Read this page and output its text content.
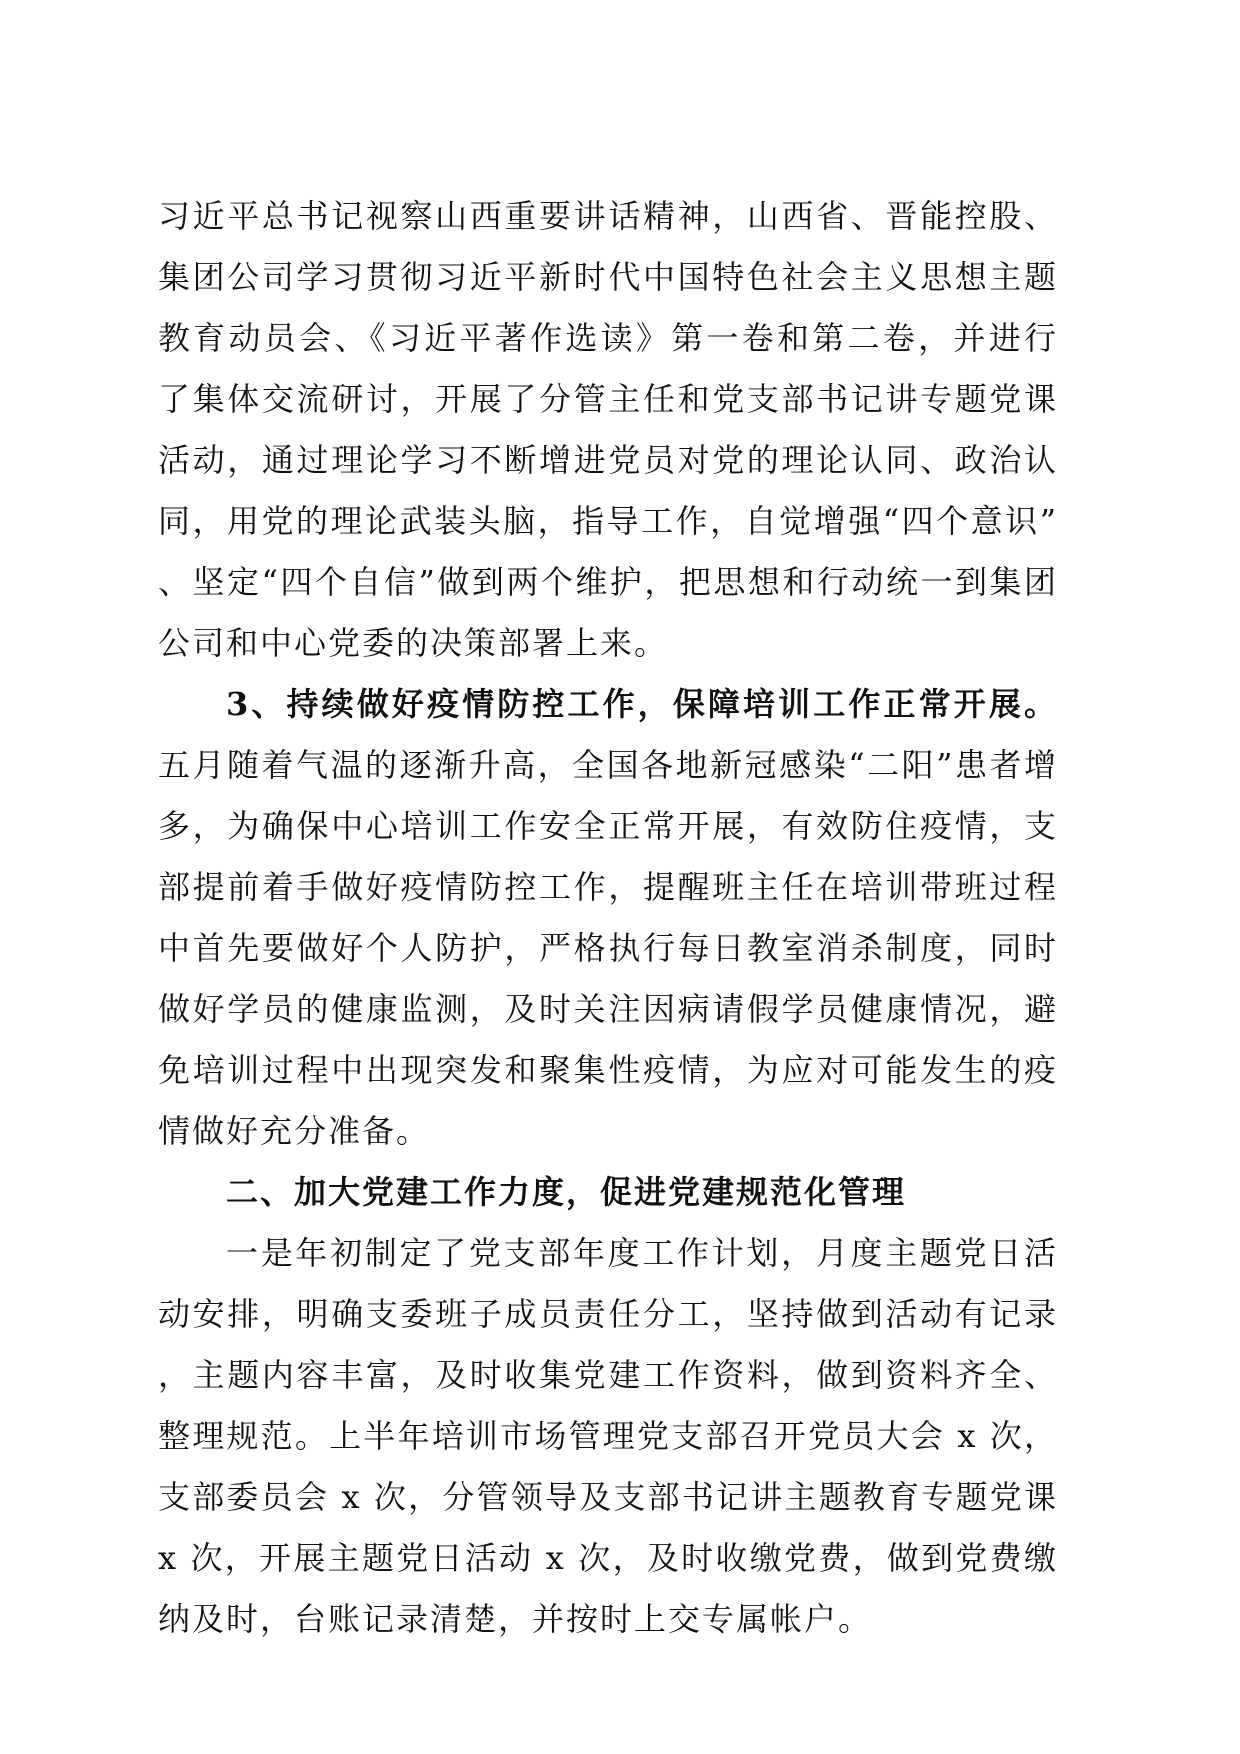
习近平总书记视察山西重要讲话精神，山西省、晋能控股、集团公司学习贯彻习近平新时代中国特色社会主义思想主题教育动员会、《习近平著作选读》第一卷和第二卷，并进行了集体交流研讨，开展了分管主任和党支部书记讲专题党课活动，通过理论学习不断增进党员对党的理论认同、政治认同，用党的理论武装头脑，指导工作，自觉增强“四个意识”、坚定“四个自信”做到两个维护，把思想和行动统一到集团公司和中心党委的决策部署上来。

3、持续做好疫情防控工作，保障培训工作正常开展。五月随着气温的逐渐升高，全国各地新冠感染“二阳”患者增多，为确保中心培训工作安全正常开展，有效防住疫情，支部提前着手做好疫情防控工作，提醒班主任在培训带班过程中首先要做好个人防护，严格执行每日教室消杀制度，同时做好学员的健康监测，及时关注因病请假学员健康情况，避免培训过程中出现突发和聚集性疫情，为应对可能发生的疫情做好充分准备。

二、加大党建工作力度，促进党建规范化管理

一是年初制定了党支部年度工作计划，月度主题党日活动安排，明确支委班子成员责任分工，坚持做到活动有记录，主题内容丰富，及时收集党建工作资料，做到资料齐全、整理规范。上半年培训市场管理党支部召开党员大会 x 次，支部委员会 x 次，分管领导及支部书记讲主题教育专题党课 x 次，开展主题党日活动 x 次，及时收缴党费，做到党费缴纳及时，台账记录清楚，并按时上交专属帐户。
